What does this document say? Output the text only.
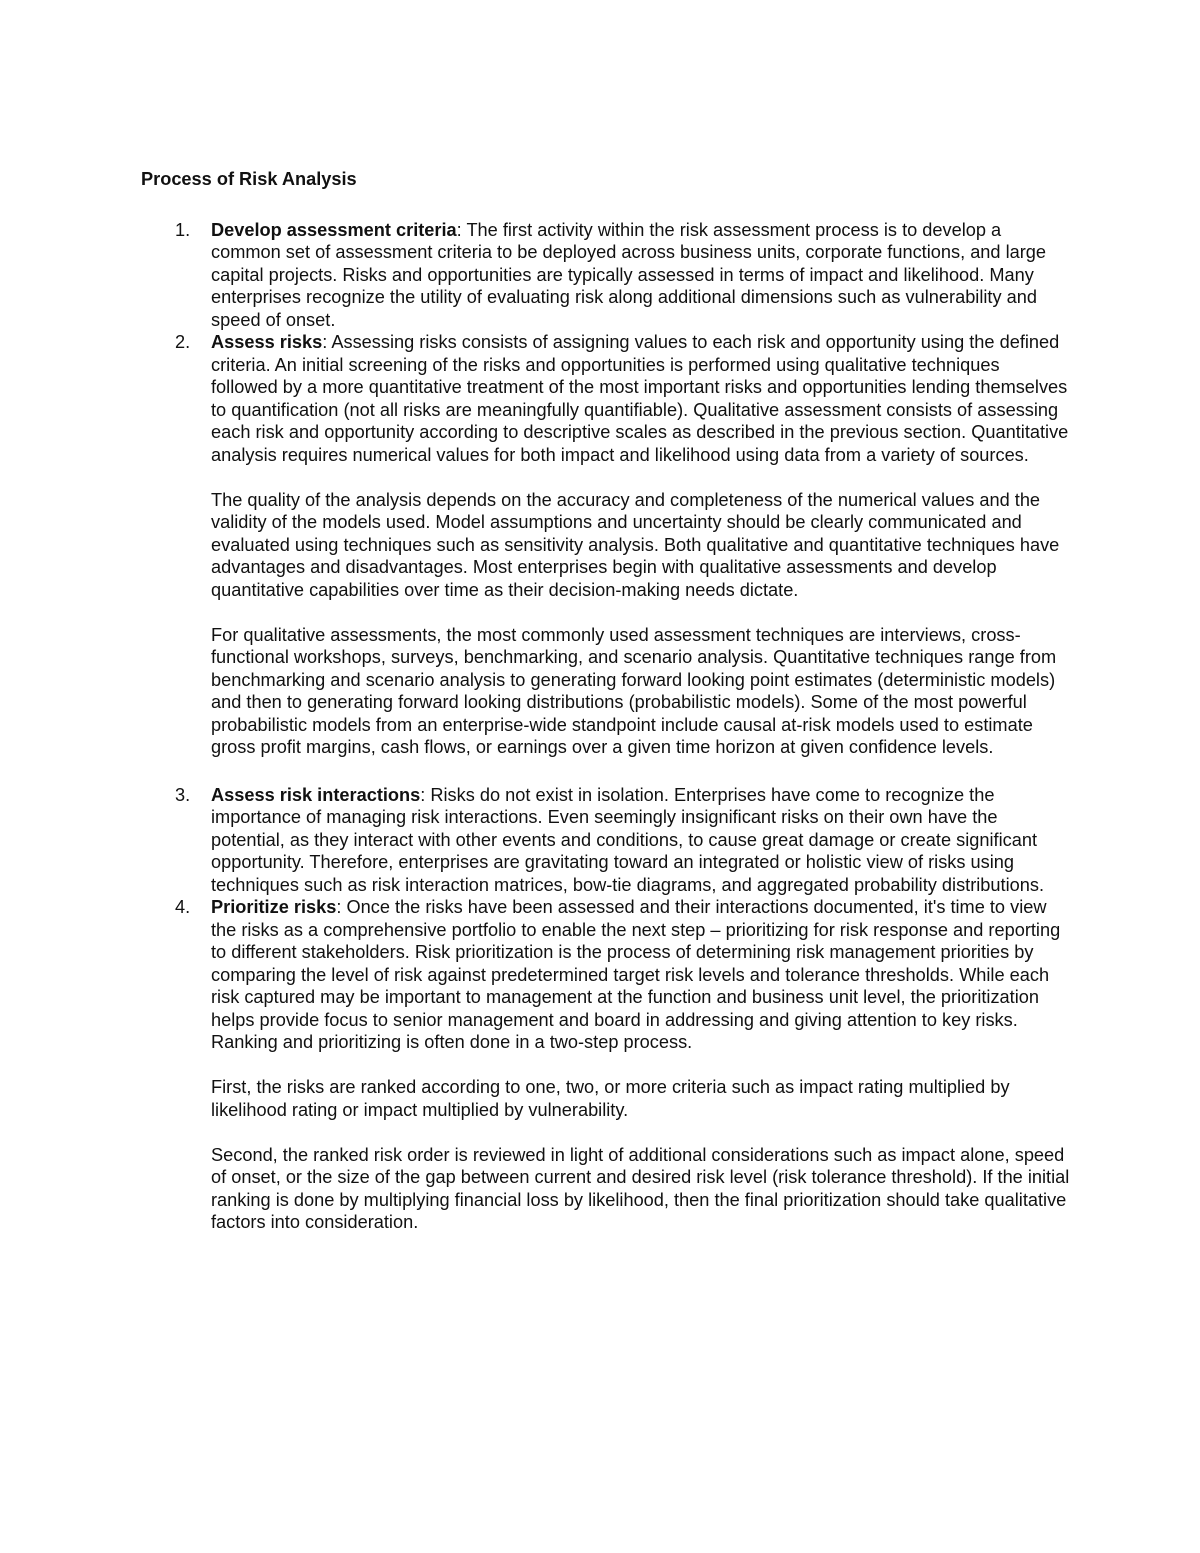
Process of Risk Analysis
1. Develop assessment criteria: The first activity within the risk assessment process is to develop a common set of assessment criteria to be deployed across business units, corporate functions, and large capital projects. Risks and opportunities are typically assessed in terms of impact and likelihood. Many enterprises recognize the utility of evaluating risk along additional dimensions such as vulnerability and speed of onset.

2. Assess risks: Assessing risks consists of assigning values to each risk and opportunity using the defined criteria. An initial screening of the risks and opportunities is performed using qualitative techniques followed by a more quantitative treatment of the most important risks and opportunities lending themselves to quantification (not all risks are meaningfully quantifiable). Qualitative assessment consists of assessing each risk and opportunity according to descriptive scales as described in the previous section. Quantitative analysis requires numerical values for both impact and likelihood using data from a variety of sources.

The quality of the analysis depends on the accuracy and completeness of the numerical values and the validity of the models used. Model assumptions and uncertainty should be clearly communicated and evaluated using techniques such as sensitivity analysis. Both qualitative and quantitative techniques have advantages and disadvantages. Most enterprises begin with qualitative assessments and develop quantitative capabilities over time as their decision-making needs dictate.

For qualitative assessments, the most commonly used assessment techniques are interviews, cross- functional workshops, surveys, benchmarking, and scenario analysis. Quantitative techniques range from benchmarking and scenario analysis to generating forward looking point estimates (deterministic models) and then to generating forward looking distributions (probabilistic models). Some of the most powerful probabilistic models from an enterprise-wide standpoint include causal at-risk models used to estimate gross profit margins, cash flows, or earnings over a given time horizon at given confidence levels.

3. Assess risk interactions: Risks do not exist in isolation. Enterprises have come to recognize the importance of managing risk interactions. Even seemingly insignificant risks on their own have the potential, as they interact with other events and conditions, to cause great damage or create significant opportunity. Therefore, enterprises are gravitating toward an integrated or holistic view of risks using techniques such as risk interaction matrices, bow-tie diagrams, and aggregated probability distributions.

4. Prioritize risks: Once the risks have been assessed and their interactions documented, it's time to view the risks as a comprehensive portfolio to enable the next step – prioritizing for risk response and reporting to different stakeholders. Risk prioritization is the process of determining risk management priorities by comparing the level of risk against predetermined target risk levels and tolerance thresholds. While each risk captured may be important to management at the function and business unit level, the prioritization helps provide focus to senior management and board in addressing and giving attention to key risks. Ranking and prioritizing is often done in a two-step process.

First, the risks are ranked according to one, two, or more criteria such as impact rating multiplied by likelihood rating or impact multiplied by vulnerability.

Second, the ranked risk order is reviewed in light of additional considerations such as impact alone, speed of onset, or the size of the gap between current and desired risk level (risk tolerance threshold). If the initial ranking is done by multiplying financial loss by likelihood, then the final prioritization should take qualitative factors into consideration.
